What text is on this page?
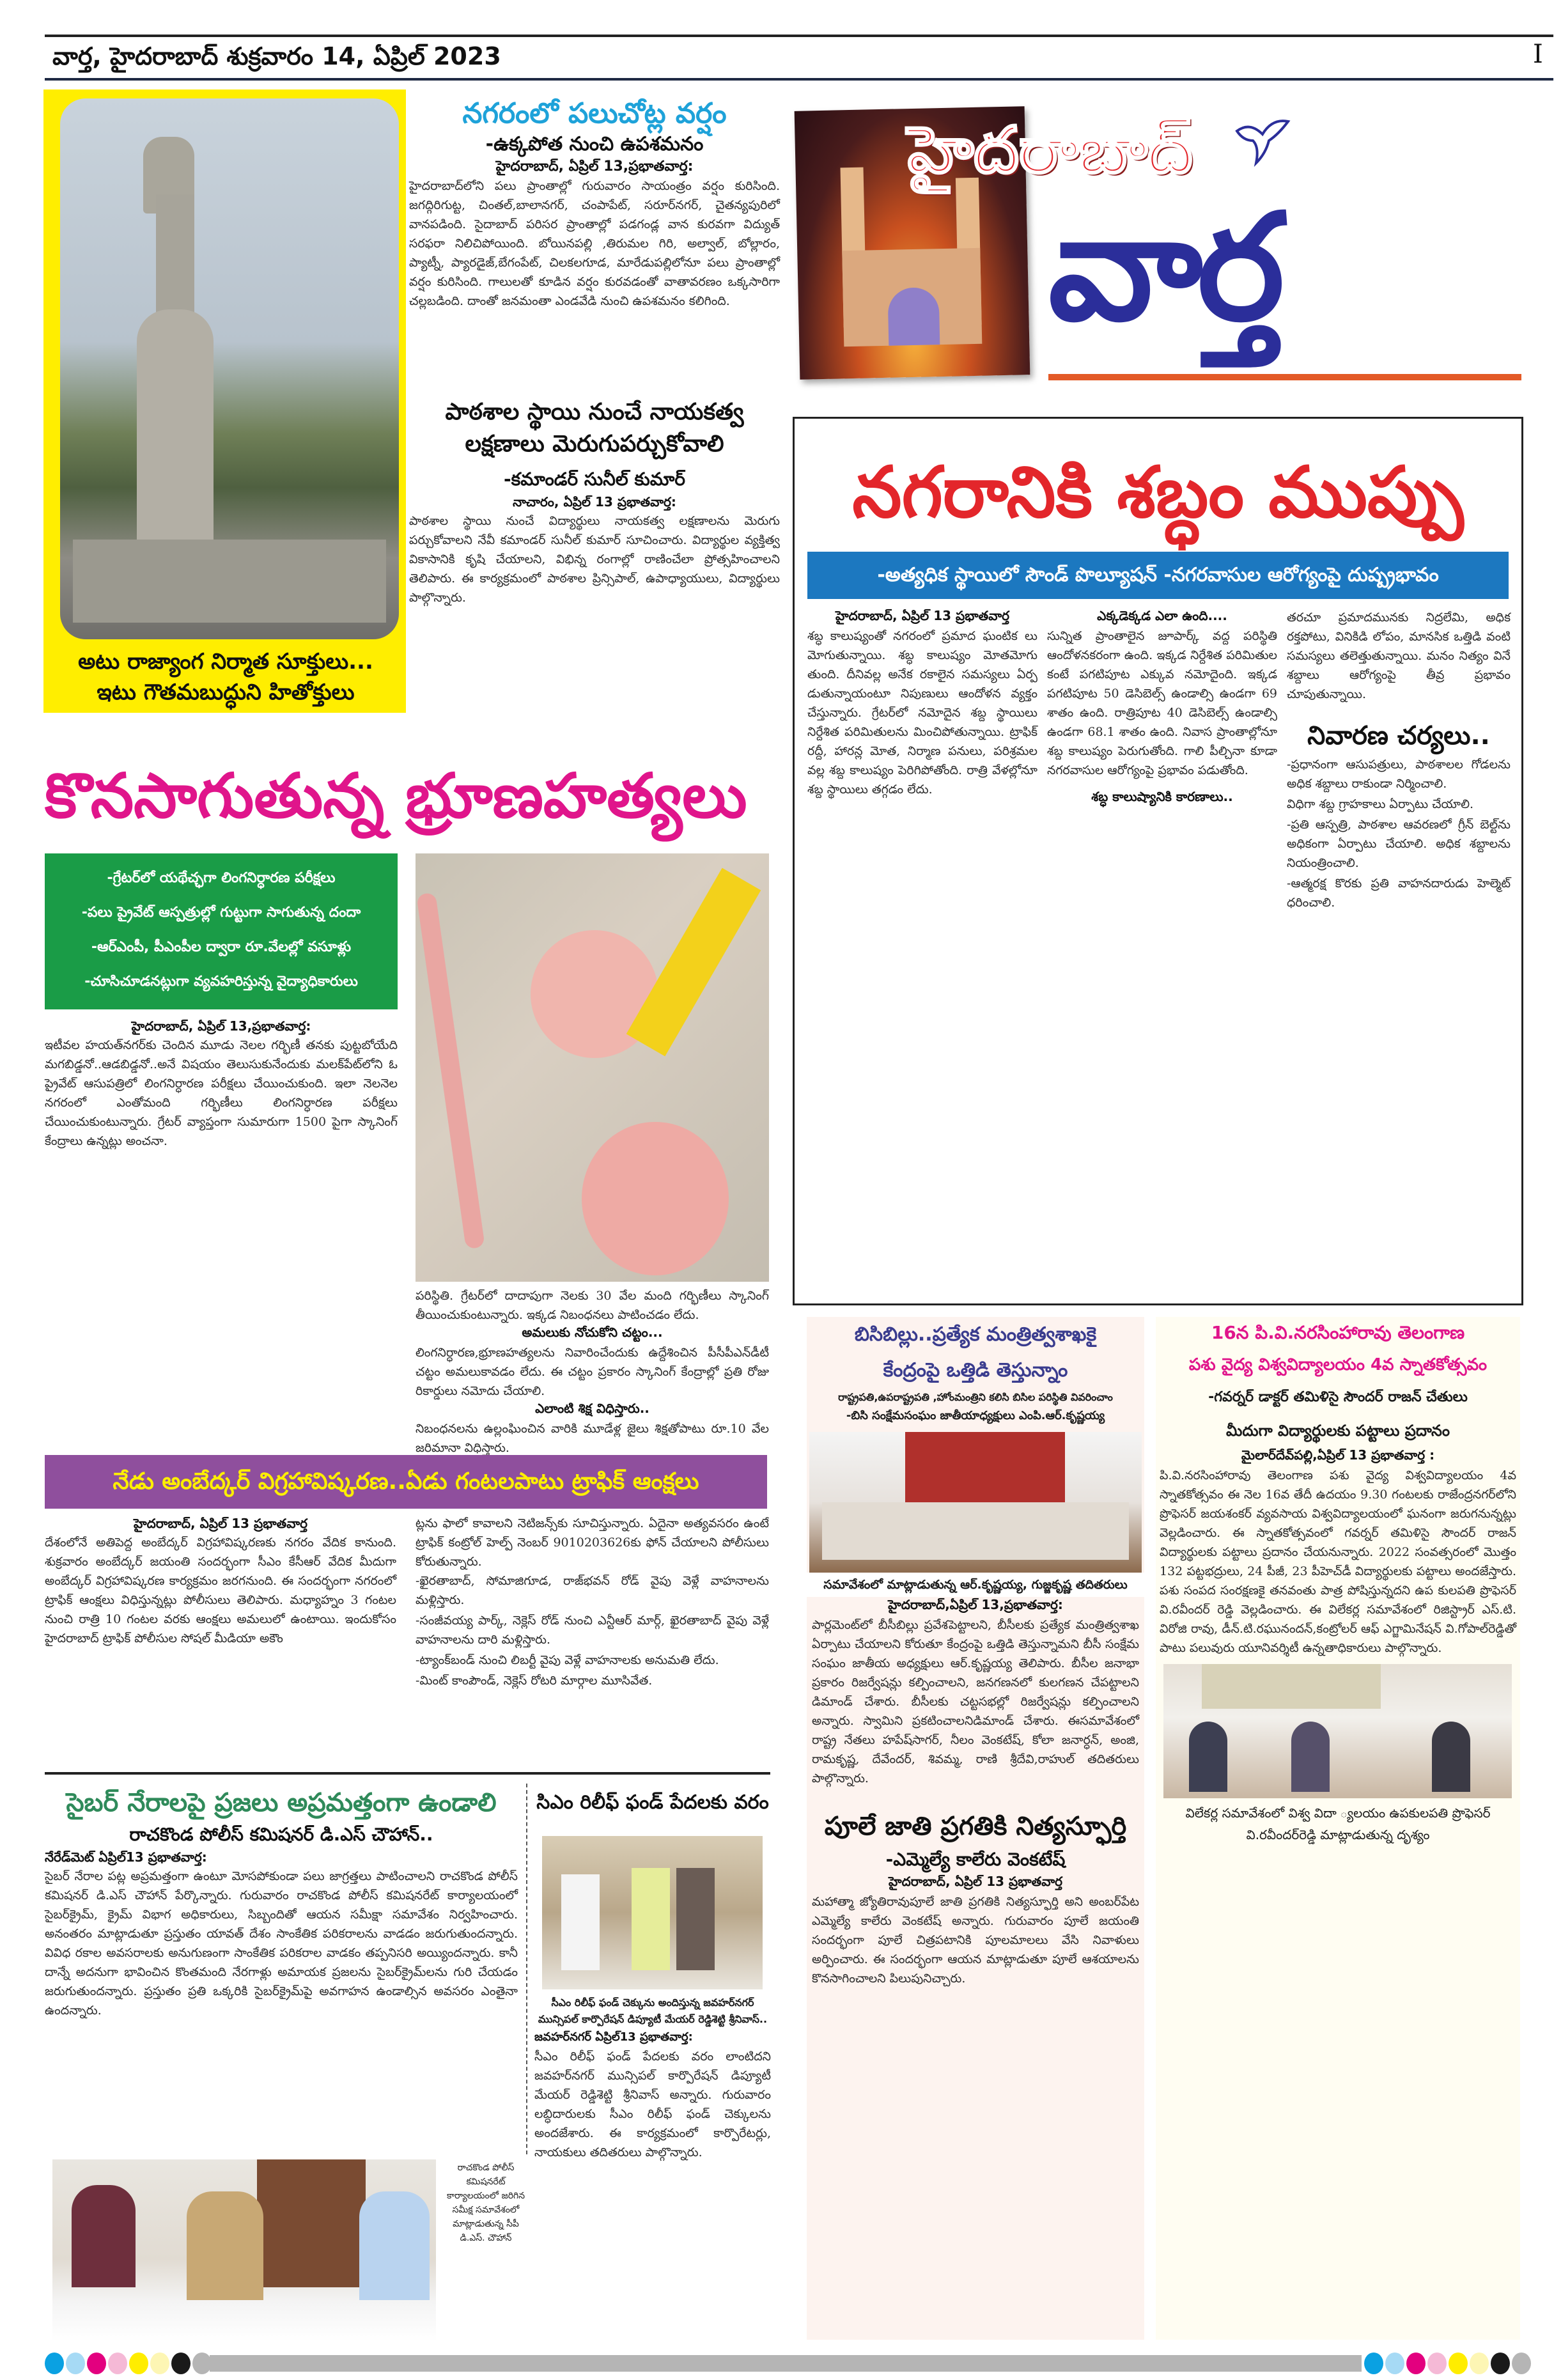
వార్త, హైదరాబాద్ శుక్రవారం 14, ఏప్రిల్ 2023	I
అటు రాజ్యాంగ నిర్మాత సూక్తులు...
ఇటు గౌతమబుద్ధుని హితోక్తులు
నగరంలో పలుచోట్ల వర్షం
-ఉక్కపోత నుంచి ఉపశమనం
హైదరాబాద్, ఏప్రిల్ 13,ప్రభాతవార్త:
హైదరాబాద్‌లోని పలు ప్రాంతాల్లో గురువారం సాయంత్రం వర్షం కురిసింది. జగద్గిరిగుట్ట, చింతల్,బాలానగర్, చంపాపేట్, సరూర్‌నగర్, చైతన్యపురిలో వానపడింది. సైదాబాద్ పరిసర ప్రాంతాల్లో పడగండ్ల వాన కురవగా విద్యుత్ సరఫరా నిలిచిపోయింది. బోయినపల్లి ,తిరుమల గిరి, అల్వాల్, బోల్లారం, ప్యాట్నీ, ప్యారడైజ్,బేగంపేట్, చిలకలగూడ, మారేడుపల్లిలోనూ పలు ప్రాంతాల్లో వర్షం కురిసింది. గాలులతో కూడిన వర్షం కురవడంతో వాతావరణం ఒక్కసారిగా చల్లబడింది. దాంతో జనమంతా ఎండవేడి నుంచి ఉపశమనం కలిగింది.
పాఠశాల స్థాయి నుంచే నాయకత్వ
లక్షణాలు మెరుగుపర్చుకోవాలి
-కమాండర్ సునీల్ కుమార్
నాచారం, ఏప్రిల్ 13 ప్రభాతవార్త:
పాఠశాల స్థాయి నుంచే విద్యార్థులు నాయకత్వ లక్షణాలను మెరుగు పర్చుకోవాలని నేవీ కమాండర్ సునీల్ కుమార్ సూచించారు. విద్యార్థుల వ్యక్తిత్వ వికాసానికి కృషి చేయాలని, విభిన్న రంగాల్లో రాణించేలా ప్రోత్సహించాలని తెలిపారు. ఈ కార్యక్రమంలో పాఠశాల ప్రిన్సిపాల్, ఉపాధ్యాయులు, విద్యార్థులు పాల్గొన్నారు.
హైదరాబాద్
వార్త
నగరానికి శబ్ధం ముప్పు
-అత్యధిక స్థాయిలో సౌండ్ పొల్యూషన్ -నగరవాసుల ఆరోగ్యంపై దుష్ప్రభావం
హైదరాబాద్, ఏప్రిల్ 13 ప్రభాతవార్త
శబ్ధ కాలుష్యంతో నగరంలో ప్రమాద ఘంటిక లు మోగుతున్నాయి. శబ్ధ కాలుష్యం మోతమోగు తుంది. దీనివల్ల అనేక రకాలైన సమస్యలు ఏర్ప డుతున్నాయంటూ నిపుణులు ఆందోళన వ్యక్తం చేస్తున్నారు. గ్రేటర్‌లో నమోదైన శబ్ద స్థాయిలు నిర్దేశిత పరిమితులను మించిపోతున్నాయి. ట్రాఫిక్ రద్దీ, హారన్ల మోత, నిర్మాణ పనులు, పరిశ్రమల వల్ల శబ్ద కాలుష్యం పెరిగిపోతోంది. రాత్రి వేళల్లోనూ శబ్ద స్థాయిలు తగ్గడం లేదు.
ఎక్కడెక్కడ ఎలా ఉంది....
సున్నిత ప్రాంతాలైన జూపార్క్ వద్ద పరిస్థితి ఆందోళనకరంగా ఉంది. ఇక్కడ నిర్దేశిత పరిమితుల కంటే పగటిపూట ఎక్కువ నమోదైంది. ఇక్కడ పగటిపూట 50 డెసిబెల్స్ ఉండాల్సి ఉండగా 69 శాతం ఉంది. రాత్రిపూట 40 డెసిబెల్స్ ఉండాల్సి ఉండగా 68.1 శాతం ఉంది. నివాస ప్రాంతాల్లోనూ శబ్ద కాలుష్యం పెరుగుతోంది. గాలి పీల్చినా కూడా నగరవాసుల ఆరోగ్యంపై ప్రభావం పడుతోంది.
శబ్ధ కాలుష్యానికి కారణాలు..
తరచూ ప్రమాదమునకు నిద్రలేమి, అధిక రక్తపోటు, వినికిడి లోపం, మానసిక ఒత్తిడి వంటి సమస్యలు తలెత్తుతున్నాయి. మనం నిత్యం వినే శబ్దాలు ఆరోగ్యంపై తీవ్ర ప్రభావం చూపుతున్నాయి.
నివారణ చర్యలు..

-ప్రధానంగా ఆసుపత్రులు, పాఠశాలల గోడలను అధిక శబ్దాలు రాకుండా నిర్మించాలి.

విధిగా శబ్ద గ్రాహకాలు ఏర్పాటు చేయాలి.

-ప్రతి ఆస్పత్రి, పాఠశాల ఆవరణలో గ్రీన్ బెల్ట్‌ను అధికంగా ఏర్పాటు చేయాలి. అధిక శబ్దాలను నియంత్రించాలి.

-ఆత్మరక్ష కొరకు ప్రతి వాహనదారుడు హెల్మెట్ ధరించాలి.

కొనసాగుతున్న భ్రూణహత్యలు
-గ్రేటర్‌లో యథేచ్ఛగా లింగనిర్ధారణ పరీక్షలు
-పలు ప్రైవేట్ ఆస్పత్రుల్లో గుట్టుగా సాగుతున్న దందా
-ఆర్ఎంపీ, పీఎంపీల ద్వారా రూ.వేలల్లో వసూళ్లు
-చూసిచూడనట్లుగా వ్యవహరిస్తున్న వైద్యాధికారులు
హైదరాబాద్, ఏప్రిల్ 13,ప్రభాతవార్త:
ఇటీవల హయత్‌నగర్‌కు చెందిన మూడు నెలల గర్భిణీ తనకు పుట్టబోయేది మగబిడ్డనో..ఆడబిడ్డనో..అనే విషయం తెలుసుకునేందుకు మలక్‌పేట్‌లోని ఓ ప్రైవేట్ ఆసుపత్రిలో లింగనిర్ధారణ పరీక్షలు చేయించుకుంది. ఇలా నెలనెల నగరంలో ఎంతోమంది గర్భిణీలు లింగనిర్ధారణ పరీక్షలు చేయించుకుంటున్నారు. గ్రేటర్ వ్యాప్తంగా సుమారుగా 1500 పైగా స్కానింగ్ కేంద్రాలు ఉన్నట్లు అంచనా.
పరిస్థితి. గ్రేటర్‌లో దాదాపుగా నెలకు 30 వేల మంది గర్భిణీలు స్కానింగ్ తీయించుకుంటున్నారు. ఇక్కడ నిబంధనలు పాటించడం లేదు.
అమలుకు నోచుకోని చట్టం...
లింగనిర్ధారణ,భ్రూణహత్యలను నివారించేందుకు ఉద్దేశించిన పీసీపీఎన్‌డీటీ చట్టం అమలుకావడం లేదు. ఈ చట్టం ప్రకారం స్కానింగ్ కేంద్రాల్లో ప్రతి రోజు రికార్డులు నమోదు చేయాలి.
ఎలాంటి శిక్ష విధిస్తారు..
నిబంధనలను ఉల్లంఘించిన వారికి మూడేళ్ల జైలు శిక్షతోపాటు రూ.10 వేల జరిమానా విధిస్తారు.
నేడు అంబేద్కర్ విగ్రహావిష్కరణ..ఏడు గంటలపాటు ట్రాఫిక్ ఆంక్షలు
హైదరాబాద్, ఏప్రిల్ 13 ప్రభాతవార్త
దేశంలోనే అతిపెద్ద అంబేద్కర్ విగ్రహావిష్కరణకు నగరం వేదిక కానుంది. శుక్రవారం అంబేద్కర్ జయంతి సందర్భంగా సీఎం కేసీఆర్ వేదిక మీదుగా అంబేద్కర్ విగ్రహావిష్కరణ కార్యక్రమం జరగనుంది. ఈ సందర్భంగా నగరంలో ట్రాఫిక్ ఆంక్షలు విధిస్తున్నట్లు పోలీసులు తెలిపారు. మధ్యాహ్నం 3 గంటల నుంచి రాత్రి 10 గంటల వరకు ఆంక్షలు అమలులో ఉంటాయి. ఇందుకోసం హైదరాబాద్ ట్రాఫిక్ పోలీసుల సోషల్ మీడియా అకౌం
ట్లను ఫాలో కావాలని నెటిజన్స్‌కు సూచిస్తున్నారు. ఏదైనా అత్యవసరం ఉంటే ట్రాఫిక్ కంట్రోల్ హెల్ప్ నెంబర్ 9010203626కు ఫోన్ చేయాలని పోలీసులు కోరుతున్నారు.

-ఖైరతాబాద్, సోమాజిగూడ, రాజ్‌భవన్ రోడ్ వైపు వెళ్లే వాహనాలను మళ్లిస్తారు.

-సంజీవయ్య పార్క్, నెక్లెస్ రోడ్ నుంచి ఎన్టీఆర్ మార్గ్, ఖైరతాబాద్ వైపు వెళ్లే వాహనాలను దారి మళ్లిస్తారు.

-ట్యాంక్‌బండ్ నుంచి లిబర్టీ వైపు వెళ్లే వాహనాలకు అనుమతి లేదు.

-మింట్ కాంపౌండ్, నెక్లెస్ రోటరి మార్గాల మూసివేత.

సైబర్ నేరాలపై ప్రజలు అప్రమత్తంగా ఉండాలి
రాచకొండ పోలీస్ కమిషనర్ డి.ఎస్ చౌహాన్..
నేరేడ్‌మెట్ ఏప్రిల్13 ప్రభాతవార్త:
సైబర్ నేరాల పట్ల అప్రమత్తంగా ఉంటూ మోసపోకుండా పలు జాగ్రత్తలు పాటించాలని రాచకొండ పోలీస్ కమిషనర్ డి.ఎస్ చౌహాన్ పేర్కొన్నారు. గురువారం రాచకొండ పోలీస్ కమిషనరేట్ కార్యాలయంలో సైబర్‌క్రైమ్, క్రైమ్ విభాగ అధికారులు, సిబ్బందితో ఆయన సమీక్షా సమావేశం నిర్వహించారు. అనంతరం మాట్లాడుతూ ప్రస్తుతం యావత్ దేశం సాంకేతిక పరికరాలను వాడడం జరుగుతుందన్నారు. వివిధ రకాల అవసరాలకు అనుగుణంగా సాంకేతిక పరికరాల వాడకం తప్పనిసరి అయ్యిందన్నారు. కానీ దాన్నే అదనుగా భావించిన కొంతమంది నేరగాళ్లు అమాయక ప్రజలను సైబర్‌క్రైమ్‌లను గురి చేయడం జరుగుతుందన్నారు. ప్రస్తుతం ప్రతి ఒక్కరికి సైబర్‌క్రైమ్‌పై అవగాహన ఉండాల్సిన అవసరం ఎంతైనా ఉందన్నారు.
రాచకొండ పోలీస్ కమిషనరేట్ కార్యాలయంలో జరిగిన సమీక్ష సమావేశంలో మాట్లాడుతున్న సీపీ డి.ఎస్. చౌహాన్
సిఎం రిలీఫ్ ఫండ్ పేదలకు వరం
సీఎం రిలీఫ్ ఫండ్ చెక్కును అందిస్తున్న జవహర్‌నగర్ మున్సిపల్ కార్పొరేషన్ డిప్యూటీ మేయర్ రెడ్డిశెట్టి శ్రీనివాస్..
జవహర్‌నగర్ ఏప్రిల్13 ప్రభాతవార్త:
సీఎం రిలీఫ్ ఫండ్ పేదలకు వరం లాంటిదని జవహర్‌నగర్ మున్సిపల్ కార్పొరేషన్ డిప్యూటీ మేయర్ రెడ్డిశెట్టి శ్రీనివాస్ అన్నారు. గురువారం లబ్ధిదారులకు సీఎం రిలీఫ్ ఫండ్ చెక్కులను అందజేశారు. ఈ కార్యక్రమంలో కార్పొరేటర్లు, నాయకులు తదితరులు పాల్గొన్నారు.
బిసిబిల్లు..ప్రత్యేక మంత్రిత్వశాఖకై
కేంద్రంపై ఒత్తిడి తెస్తున్నాం
రాష్ట్రపతి,ఉపరాష్ట్రపతి ,హోంమంత్రిని కలిసి బిసిల పరిస్థితి వివరించాం
-బిసి సంక్షేమసంఘం జాతీయాధ్యక్షులు ఎంపి.ఆర్.కృష్ణయ్య
సమావేశంలో మాట్లాడుతున్న ఆర్.కృష్ణయ్య, గుజ్జకృష్ణ తదితరులు
హైదరాబాద్,ఏప్రిల్ 13,ప్రభాతవార్త:
పార్లమెంట్‌లో బీసీబిల్లు ప్రవేశపెట్టాలని, బీసీలకు ప్రత్యేక మంత్రిత్వశాఖ ఏర్పాటు చేయాలని కోరుతూ కేంద్రంపై ఒత్తిడి తెస్తున్నామని బీసీ సంక్షేమ సంఘం జాతీయ అధ్యక్షులు ఆర్.కృష్ణయ్య తెలిపారు. బీసీల జనాభా ప్రకారం రిజర్వేషన్లు కల్పించాలని, జనగణనలో కులగణన చేపట్టాలని డిమాండ్ చేశారు. బీసీలకు చట్టసభల్లో రిజర్వేషన్లు కల్పించాలని అన్నారు. స్వామిని ప్రకటించాలనిడిమాండ్ చేశారు. ఈసమావేశంలో రాష్ట్ర నేతలు హపేష్‌సాగర్, నీలం వెంకటేష్, కోలా జనార్ధన్, అంజి, రామకృష్ణ, దేవేందర్, శివమ్మ, రాణి శ్రీదేవి,రాహుల్ తదితరులు పాల్గొన్నారు.
పూలే జాతి ప్రగతికి నిత్యస్ఫూర్తి
-ఎమ్మెల్యే కాలేరు వెంకటేష్
హైదరాబాద్, ఏప్రిల్ 13 ప్రభాతవార్త
మహాత్మా జ్యోతిరావుపూలే జాతి ప్రగతికి నిత్యస్ఫూర్తి అని అంబర్‌పేట ఎమ్మెల్యే కాలేరు వెంకటేష్ అన్నారు. గురువారం పూలే జయంతి సందర్భంగా పూలే చిత్రపటానికి పూలమాలలు వేసి నివాళులు అర్పించారు. ఈ సందర్భంగా ఆయన మాట్లాడుతూ పూలే ఆశయాలను కొనసాగించాలని పిలుపునిచ్చారు.
16న పి.వి.నరసింహారావు తెలంగాణ
పశు వైద్య విశ్వవిద్యాలయం 4వ స్నాతకోత్సవం
-గవర్నర్ డాక్టర్ తమిళిసై సౌందర్ రాజన్ చేతులు
మీదుగా విద్యార్థులకు పట్టాలు ప్రదానం
మైలార్‌దేవ్‌పల్లి,ఏప్రిల్ 13 ప్రభాతవార్త :
పి.వి.నరసింహారావు తెలంగాణ పశు వైద్య విశ్వవిద్యాలయం 4వ స్నాతకోత్సవం ఈ నెల 16వ తేదీ ఉదయం 9.30 గంటలకు రాజేంద్రనగర్‌లోని ప్రొఫెసర్ జయశంకర్ వ్యవసాయ విశ్వవిద్యాలయంలో ఘనంగా జరుగనున్నట్లు వెల్లడించారు. ఈ స్నాతకోత్సవంలో గవర్నర్ తమిళిసై సౌందర్ రాజన్ విద్యార్థులకు పట్టాలు ప్రదానం చేయనున్నారు. 2022 సంవత్సరంలో మొత్తం 132 పట్టభద్రులు, 24 పీజీ, 23 పీహెచ్‌డీ విద్యార్థులకు పట్టాలు అందజేస్తారు. పశు సంపద సంరక్షణకై తనవంతు పాత్ర పోషిస్తున్నదని ఉప కులపతి ప్రొఫెసర్ వి.రవీందర్ రెడ్డి వెల్లడించారు. ఈ విలేకర్ల సమావేశంలో రిజిస్ట్రార్ ఎస్.టి. విరోజి రావు, డీన్.టి.రఘునందన్,కంట్రోలర్ ఆఫ్ ఎగ్జామినేషన్ వి.గోపాల్‌రెడ్డితో పాటు పలువురు యూనివర్శిటీ ఉన్నతాధికారులు పాల్గొన్నారు.
విలేకర్ల సమావేశంలో విశ్వ విదా ్యలయం ఉపకులపతి ప్రొఫెసర్ వి.రవీందర్‌రెడ్డి మాట్లాడుతున్న దృశ్యం
